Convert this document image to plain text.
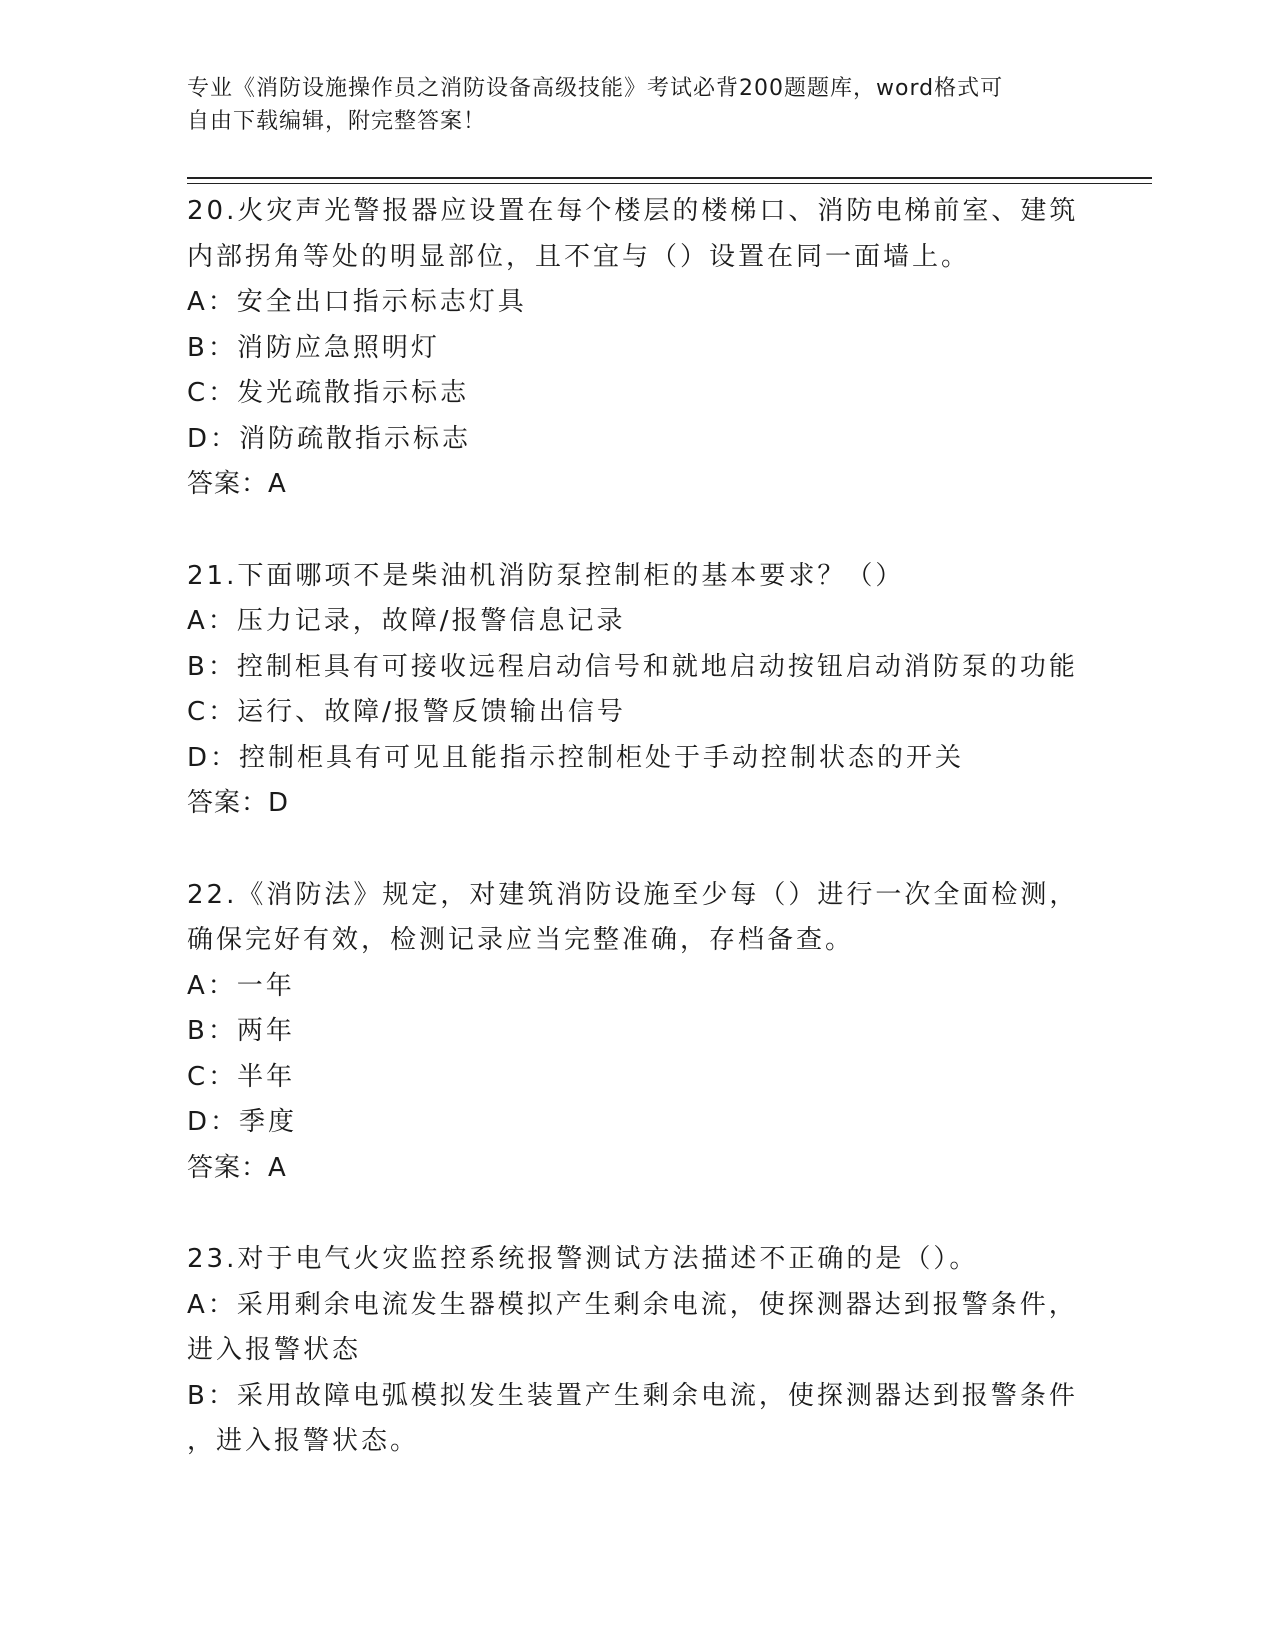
专业《消防设施操作员之消防设备高级技能》考试必背200题题库，word格式可
自由下载编辑，附完整答案！
20.火灾声光警报器应设置在每个楼层的楼梯口、消防电梯前室、建筑
内部拐角等处的明显部位，且不宜与（）设置在同一面墙上。
A：安全出口指示标志灯具
B：消防应急照明灯
C：发光疏散指示标志
D：消防疏散指示标志
答案：A
21.下面哪项不是柴油机消防泵控制柜的基本要求？（）
A：压力记录，故障/报警信息记录
B：控制柜具有可接收远程启动信号和就地启动按钮启动消防泵的功能
C：运行、故障/报警反馈输出信号
D：控制柜具有可见且能指示控制柜处于手动控制状态的开关
答案：D
22.《消防法》规定，对建筑消防设施至少每（）进行一次全面检测，
确保完好有效，检测记录应当完整准确，存档备查。
A：一年
B：两年
C：半年
D：季度
答案：A
23.对于电气火灾监控系统报警测试方法描述不正确的是（）。
A：采用剩余电流发生器模拟产生剩余电流，使探测器达到报警条件，
进入报警状态
B：采用故障电弧模拟发生装置产生剩余电流，使探测器达到报警条件
，进入报警状态。
